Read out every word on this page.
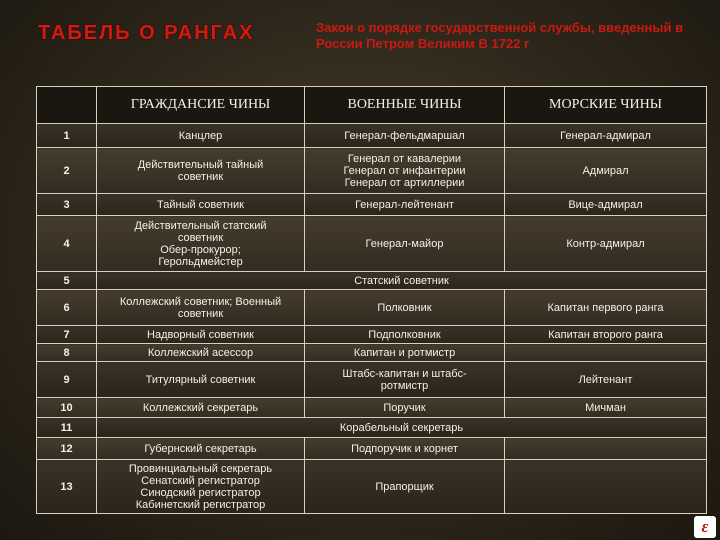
ТАБЕЛЬ О РАНГАХ	Закон о порядке государственной службы, введенный в России Петром Великим В 1722 г
	ГРАЖДАНСИЕ ЧИНЫ	ВОЕННЫЕ ЧИНЫ	МОРСКИЕ ЧИНЫ
1	Канцлер	Генерал-фельдмаршал	Генерал-адмирал

2	Действительный тайный
советник	Генерал от кавалерии
Генерал от инфантерии
Генерал от артиллерии	Адмирал

3	Тайный советник	Генерал-лейтенант	Вице-адмирал

4	Действительный статский
советник
Обер-прокурор;
Герольдмейстер	Генерал-майор	Контр-адмирал

5	Статский советник		
6	Коллежский советник; Военный
советник	Полковник	Капитан первого ранга

7	Надворный советник	Подполковник	Капитан второго ранга

8	Коллежский асессор	Капитан и ротмистр	

9	Титулярный советник	Штабс-капитан и штабс-
ротмистр	Лейтенант

10	Коллежский секретарь	Поручик	Мичман

11	Корабельный секретарь		
12	Губернский секретарь	Подпоручик и корнет	

13	Провинциальный секретарь
Сенатский регистратор
Синодский регистратор
Кабинетский регистратор	Прапорщик	

ɛ
